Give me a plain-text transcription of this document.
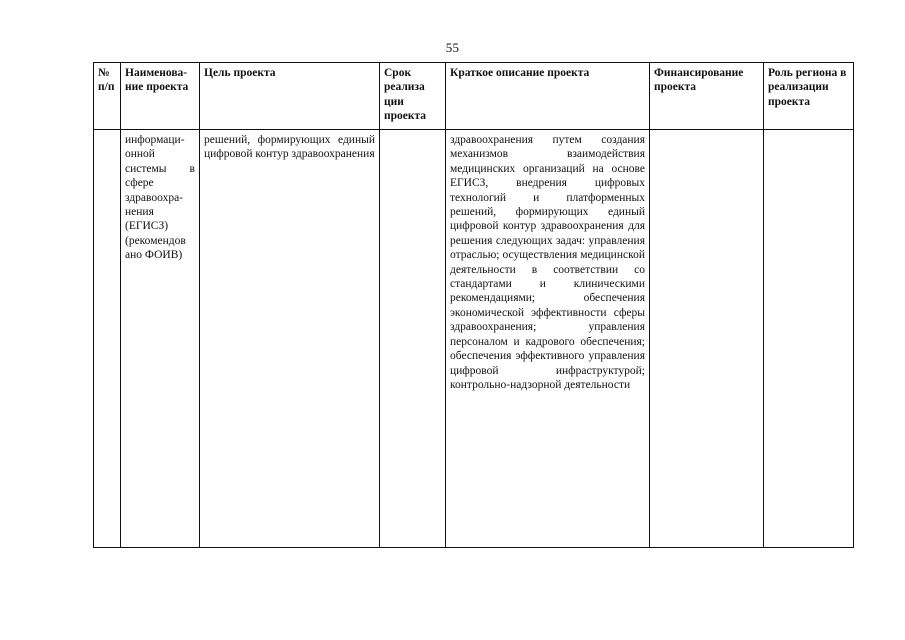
55
№ п/п	Наименова-ние проекта	Цель проекта	Срок реализа ции проекта	Краткое описание проекта	Финансирование проекта	Роль региона в реализации проекта
	информаци-онной системы в сфере здравоохра-нения (ЕГИСЗ) (рекомендов ано ФОИВ)	решений, формирующих единый цифровой контур здравоохранения		здравоохранения путем создания механизмов взаимодействия медицинских организаций на основе ЕГИСЗ, внедрения цифровых технологий и платформенных решений, формирующих единый цифровой контур здравоохранения для решения следующих задач: управления отраслью; осуществления медицинской деятельности в соответствии со стандартами и клиническими рекомендациями; обеспечения экономической эффективности сферы здравоохранения; управления персоналом и кадрового обеспечения; обеспечения эффективного управления цифровой инфраструктурой; контрольно-надзорной деятельности		
